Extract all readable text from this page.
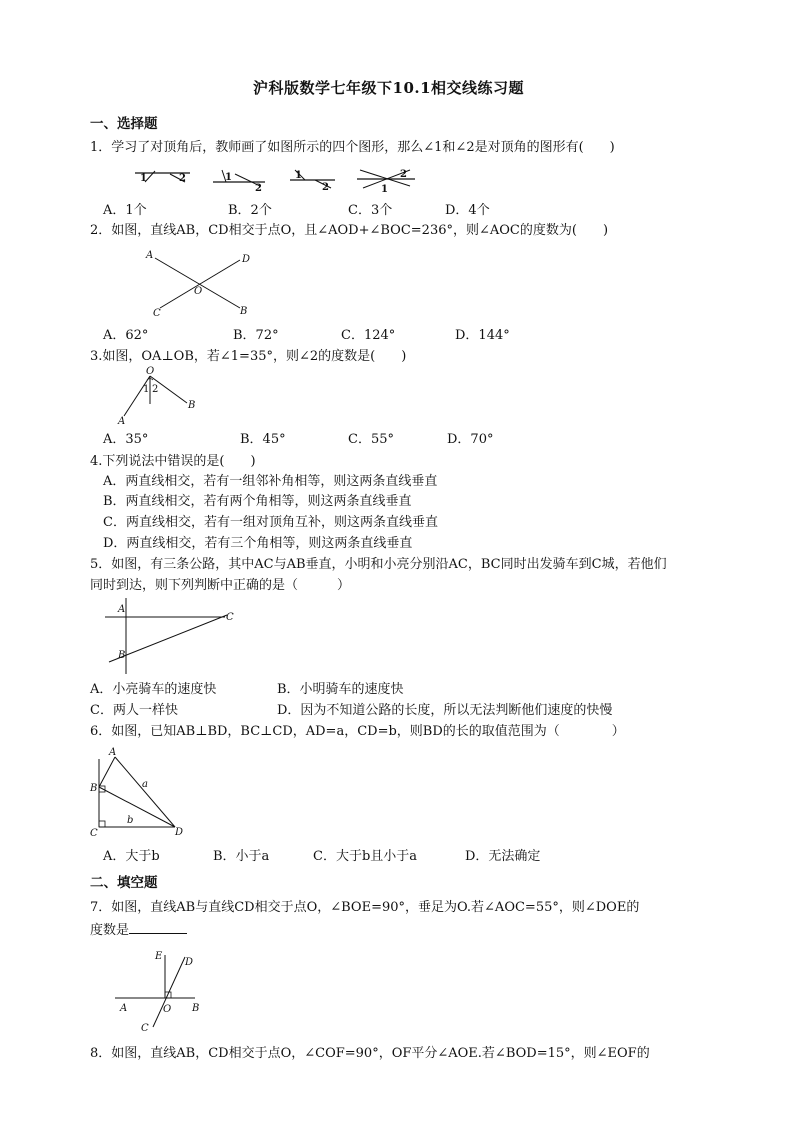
沪科版数学七年级下10.1相交线练习题
一、选择题
1．学习了对顶角后，教师画了如图所示的四个图形，那么∠1和∠2是对顶角的图形有(　　)
1	2	1
2
1
2
2
1
A．1个	B．2个	C．3个	D．4个
2．如图，直线AB，CD相交于点O，且∠AOD+∠BOC=236°，则∠AOC的度数为(　　)
A	D
O
C	B
A．62°	B．72°	C．124°	D．144°
3.如图，OA⊥OB，若∠1=35°，则∠2的度数是(　　)
O
1 2
A
B
A．35°	B．45°	C．55°	D．70°
4.下列说法中错误的是(　　)
A．两直线相交，若有一组邻补角相等，则这两条直线垂直
B．两直线相交，若有两个角相等，则这两条直线垂直
C．两直线相交，若有一组对顶角互补，则这两条直线垂直
D．两直线相交，若有三个角相等，则这两条直线垂直
5．如图，有三条公路，其中AC与AB垂直，小明和小亮分别沿AC，BC同时出发骑车到C城，若他们
同时到达，则下列判断中正确的是（　　　）
A
C
B
A．小亮骑车的速度快	B．小明骑车的速度快
C．两人一样快	D．因为不知道公路的长度，所以无法判断他们速度的快慢
6．如图，已知AB⊥BD，BC⊥CD，AD=a，CD=b，则BD的长的取值范围为（　　　　）
A
B	a
C
b
D
A．大于b	B．小于a	C．大于b且小于a	D．无法确定
二、填空题
7．如图，直线AB与直线CD相交于点O，∠BOE=90°，垂足为O.若∠AOC=55°，则∠DOE的
度数是
E
D
A	O B
C
8．如图，直线AB，CD相交于点O，∠COF=90°，OF平分∠AOE.若∠BOD=15°，则∠EOF的
